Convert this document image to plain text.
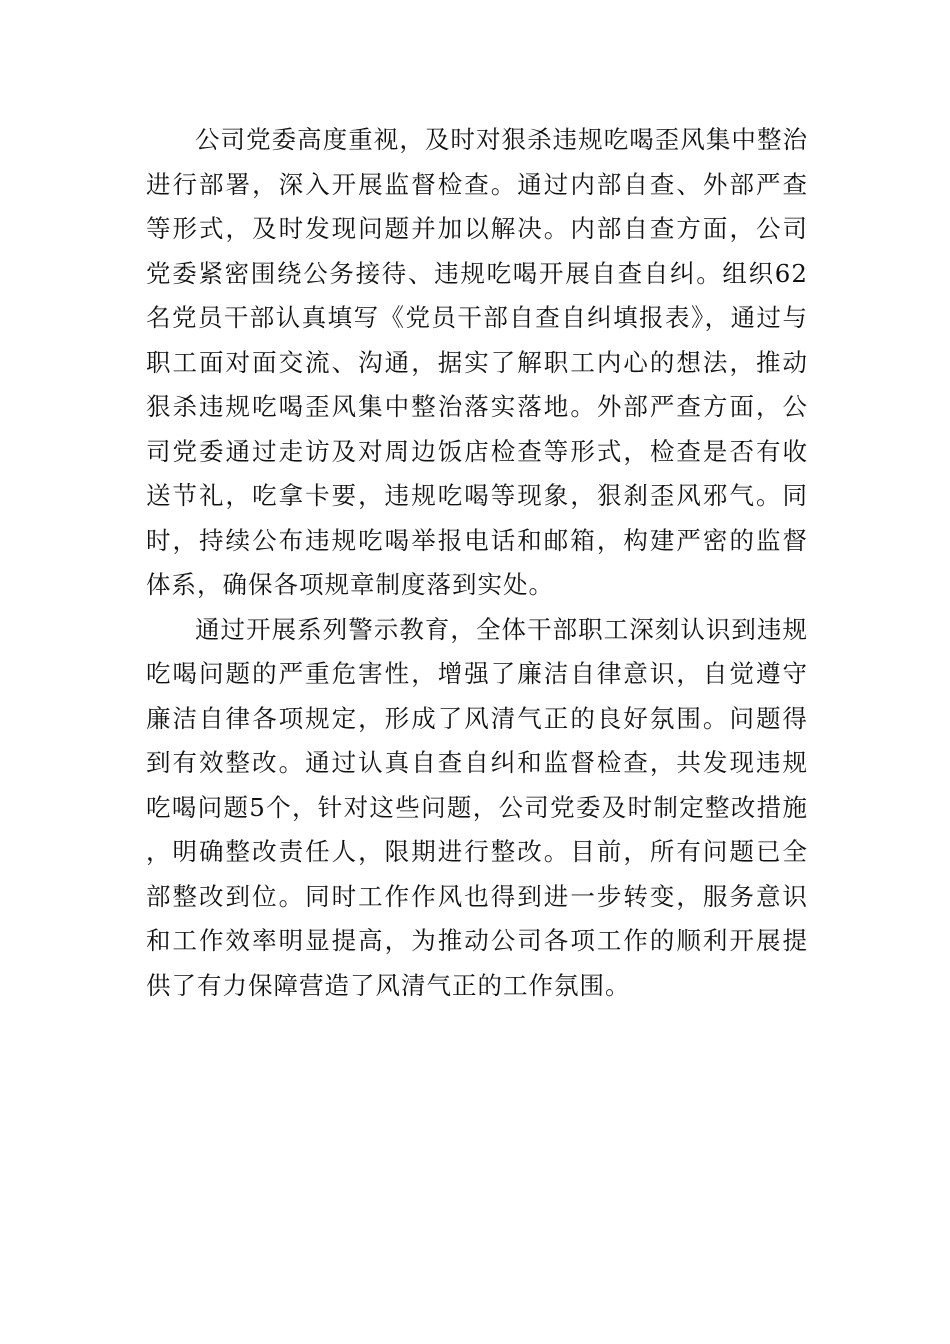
公司党委高度重视，及时对狠杀违规吃喝歪风集中整治进行部署，深入开展监督检查。通过内部自查、外部严查等形式，及时发现问题并加以解决。内部自查方面，公司党委紧密围绕公务接待、违规吃喝开展自查自纠。组织62名党员干部认真填写《党员干部自查自纠填报表》，通过与职工面对面交流、沟通，据实了解职工内心的想法，推动狠杀违规吃喝歪风集中整治落实落地。外部严查方面，公司党委通过走访及对周边饭店检查等形式，检查是否有收送节礼，吃拿卡要，违规吃喝等现象，狠刹歪风邪气。同时，持续公布违规吃喝举报电话和邮箱，构建严密的监督体系，确保各项规章制度落到实处。

通过开展系列警示教育，全体干部职工深刻认识到违规吃喝问题的严重危害性，增强了廉洁自律意识，自觉遵守廉洁自律各项规定，形成了风清气正的良好氛围。问题得到有效整改。通过认真自查自纠和监督检查，共发现违规吃喝问题5个，针对这些问题，公司党委及时制定整改措施，明确整改责任人，限期进行整改。目前，所有问题已全部整改到位。同时工作作风也得到进一步转变，服务意识和工作效率明显提高，为推动公司各项工作的顺利开展提供了有力保障营造了风清气正的工作氛围。
